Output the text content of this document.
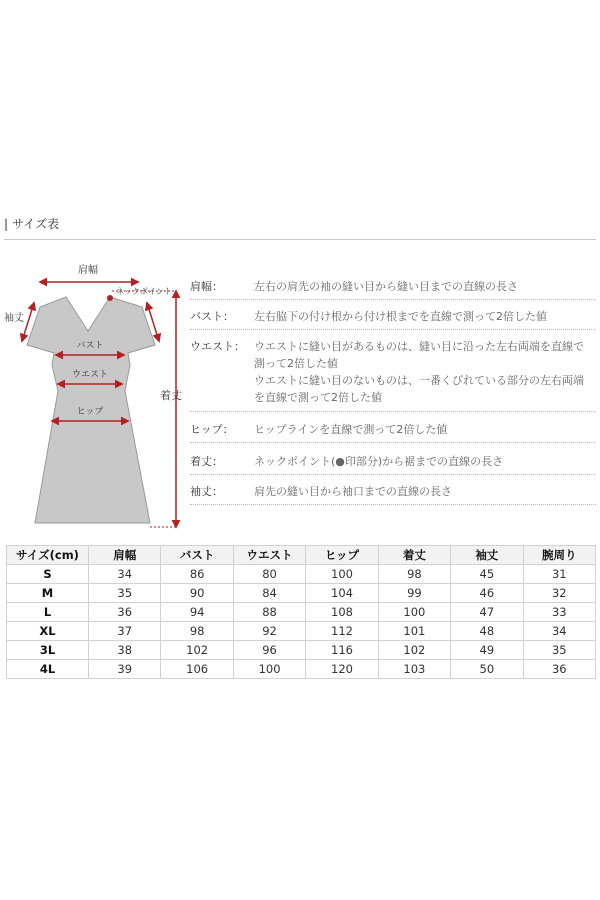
| サイズ表
肩幅
ネックポイント
袖丈
バスト
ウエスト
ヒップ
着丈
肩幅：	左右の肩先の袖の縫い目から縫い目までの直線の長さ
バスト：	左右脇下の付け根から付け根までを直線で測って2倍した値
ウエスト： ウエストに縫い目があるものは、縫い目に沿った左右両端を直線で
測って2倍した値
ウエストに縫い目のないものは、一番くびれている部分の左右両端
を直線で測って2倍した値
ヒップ：	ヒップラインを直線で測って2倍した値
着丈：	ネックポイント(●印部分)から裾までの直線の長さ
袖丈：	肩先の縫い目から袖口までの直線の長さ
サイズ(cm)	肩幅	バスト	ウエスト	ヒップ	着丈	袖丈	腕周り
S	34	86	80	100	98	45	31
M	35	90	84	104	99	46	32
L	36	94	88	108	100	47	33
XL	37	98	92	112	101	48	34
3L	38	102	96	116	102	49	35
4L	39	106	100	120	103	50	36
